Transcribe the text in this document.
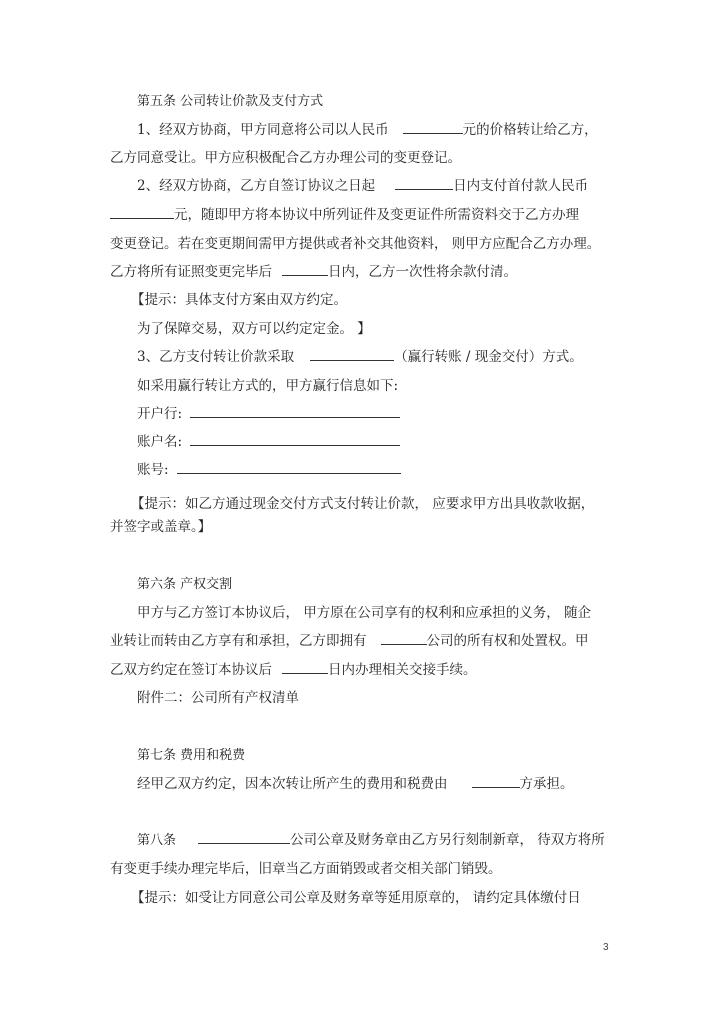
第五条 公司转让价款及支付方式
1、经双方协商，甲方同意将公司以人民币	元的价格转让给乙方，
乙方同意受让。甲方应积极配合乙方办理公司的变更登记。
2、经双方协商，乙方自签订协议之日起	日内支付首付款人民币
元，随即甲方将本协议中所列证件及变更证件所需资料交于乙方办理
变更登记。若在变更期间需甲方提供或者补交其他资料， 则甲方应配合乙方办理。
乙方将所有证照变更完毕后	日内，乙方一次性将余款付清。
【提示：具体支付方案由双方约定。
为了保障交易，双方可以约定定金。 】
3、乙方支付转让价款采取	（赢行转账 / 现金交付）方式。
如采用赢行转让方式的，甲方赢行信息如下:
开户行:
账户名:
账号:
【提示：如乙方通过现金交付方式支付转让价款， 应要求甲方出具收款收据，
并签字或盖章。】
第六条 产权交割
甲方与乙方签订本协议后， 甲方原在公司享有的权利和应承担的义务， 随企
业转让而转由乙方享有和承担，乙方即拥有	公司的所有权和处置权。甲
乙双方约定在签订本协议后	日内办理相关交接手续。
附件二：公司所有产权清单
第七条 费用和税费
经甲乙双方约定，因本次转让所产生的费用和税费由	方承担。
第八条	公司公章及财务章由乙方另行刻制新章， 待双方将所
有变更手续办理完毕后，旧章当乙方面销毁或者交相关部门销毁。
【提示：如受让方同意公司公章及财务章等延用原章的， 请约定具体缴付日
3
